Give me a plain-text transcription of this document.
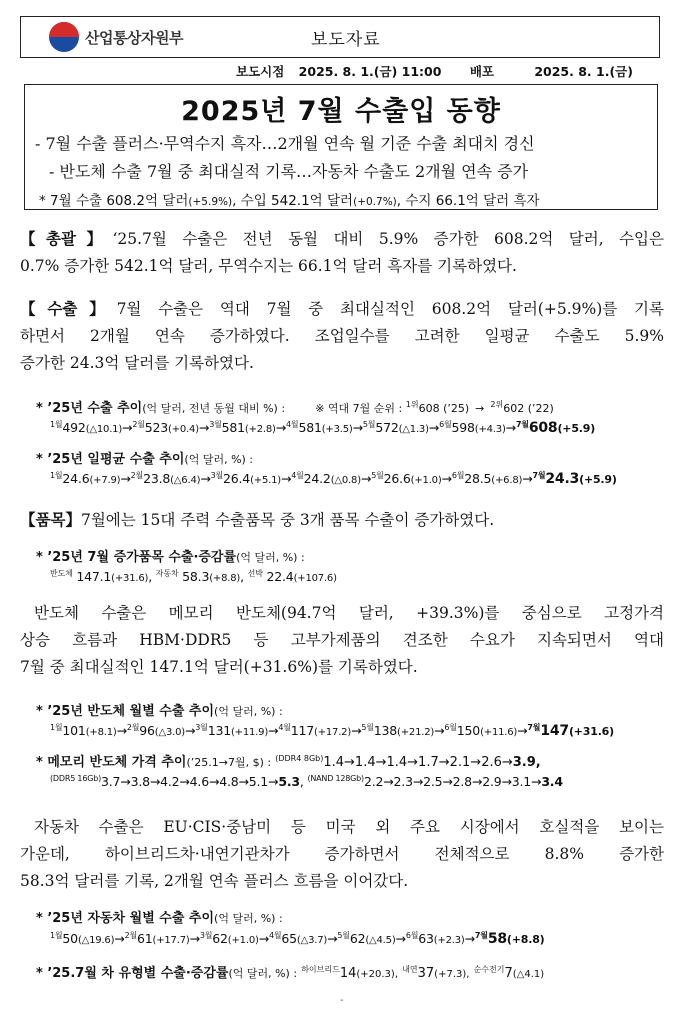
산업통상자원부	보도자료
보도시점 2025. 8. 1.(금) 11:00 배포	2025. 8. 1.(금)
2025년 7월 수출입 동향
- 7월 수출 플러스·무역수지 흑자…2개월 연속 월 기준 수출 최대치 경신
- 반도체 수출 7월 중 최대실적 기록…자동차 수출도 2개월 연속 증가
* 7월 수출 608.2억 달러(+5.9%), 수입 542.1억 달러(+0.7%), 수지 66.1억 달러 흑자
【총괄】‘25.7월 수출은 전년 동월 대비 5.9% 증가한 608.2억 달러, 수입은
0.7% 증가한 542.1억 달러, 무역수지는 66.1억 달러 흑자를 기록하였다.
【수출】7월 수출은 역대 7월 중 최대실적인 608.2억 달러(+5.9%)를 기록
하면서 2개월 연속 증가하였다. 조업일수를 고려한 일평균 수출도 5.9%
증가한 24.3억 달러를 기록하였다.
* ’25년 수출 추이(억 달러, 전년 동월 대비 %) :	※ 역대 7월 순위 : $^{1위}$608 (’25) → $^{2위}$602 (’22)
$^{1월}$492(△10.1)→$^{2월}$523(+0.4)→$^{3월}$581(+2.8)→$^{4월}$581(+3.5)→$^{5월}$572(△1.3)→$^{6월}$598(+4.3)→$^{7월}$608(+5.9)
* ’25년 일평균 수출 추이(억 달러, %) :
$^{1월}$24.6(+7.9)→$^{2월}$23.8(△6.4)→$^{3월}$26.4(+5.1)→$^{4월}$24.2(△0.8)→$^{5월}$26.6(+1.0)→$^{6월}$28.5(+6.8)→$^{7월}$24.3(+5.9)
【품목】7월에는 15대 주력 수출품목 중 3개 품목 수출이 증가하였다.
* ’25년 7월 증가품목 수출·증감률(억 달러, %) :
$^{반도체}$ 147.1(+31.6), $^{자동차}$ 58.3(+8.8), $^{선박}$ 22.4(+107.6)
반도체 수출은 메모리 반도체(94.7억 달러, +39.3%)를 중심으로 고정가격
상승 흐름과 HBM·DDR5 등 고부가제품의 견조한 수요가 지속되면서 역대
7월 중 최대실적인 147.1억 달러(+31.6%)를 기록하였다.
* ’25년 반도체 월별 수출 추이(억 달러, %) :
$^{1월}$101(+8.1)→$^{2월}$96(△3.0)→$^{3월}$131(+11.9)→$^{4월}$117(+17.2)→$^{5월}$138(+21.2)→$^{6월}$150(+11.6)→$^{7월}$147(+31.6)
* 메모리 반도체 가격 추이(’25.1→7월, $) : $^{(DDR4 8Gb)}$1.4→1.4→1.4→1.7→2.1→2.6→3.9,
$^{(DDR5 16Gb)}$3.7→3.8→4.2→4.6→4.8→5.1→5.3, $^{(NAND 128Gb)}$2.2→2.3→2.5→2.8→2.9→3.1→3.4
자동차 수출은 EU·CIS·중남미 등 미국 외 주요 시장에서 호실적을 보이는
가운데, 하이브리드차·내연기관차가 증가하면서 전체적으로 8.8% 증가한
58.3억 달러를 기록, 2개월 연속 플러스 흐름을 이어갔다.
* ’25년 자동차 월별 수출 추이(억 달러, %) :
$^{1월}$50(△19.6)→$^{2월}$61(+17.7)→$^{3월}$62(+1.0)→$^{4월}$65(△3.7)→$^{5월}$62(△4.5)→$^{6월}$63(+2.3)→$^{7월}$58(+8.8)
* ’25.7월 차 유형별 수출·증감률(억 달러, %) : $^{하이브리드}$14(+20.3), $^{내연}$37(+7.3), $^{순수전기}$7(△4.1)
-
